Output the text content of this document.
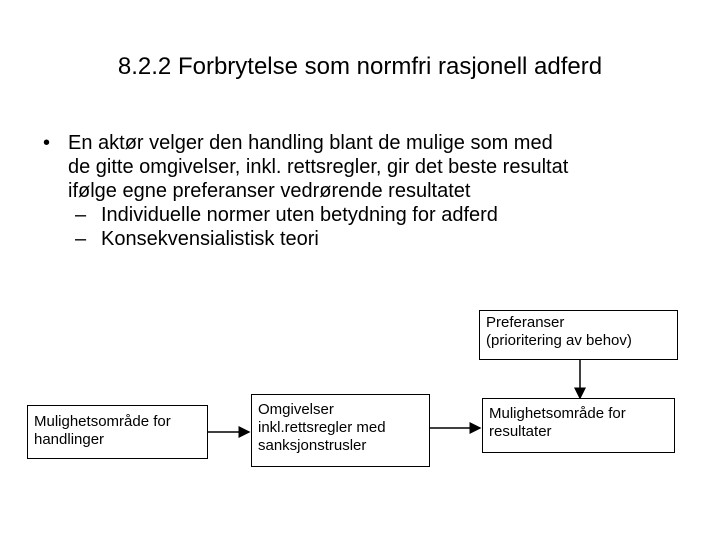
8.2.2 Forbrytelse som normfri rasjonell adferd
• En aktør velger den handling blant de mulige som med
de gitte omgivelser, inkl. rettsregler, gir det beste resultat
ifølge egne preferanser vedrørende resultatet
– Individuelle normer uten betydning for adferd
– Konsekvensialistisk teori
Preferanser
(prioritering av behov)
Mulighetsområde for
handlinger
Omgivelser
inkl.rettsregler med
sanksjonstrusler
Mulighetsområde for
resultater
